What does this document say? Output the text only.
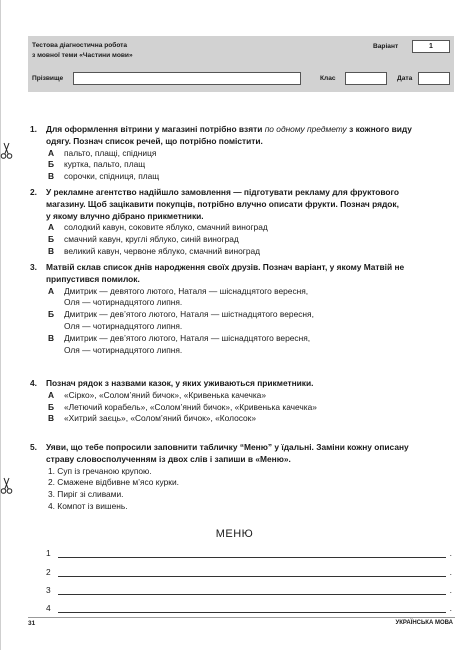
Тестова діагностична робота
з мовної теми «Частини мови»
Варіант	1
Прізвище	Клас	Дата
1. Для оформлення вітрини у магазині потрібно взяти по одному предмету з кожного виду
одягу. Познач список речей, що потрібно помістити.
А пальто, плащі, спідниця
Б куртка, пальто, плащ
В сорочки, спідниця, плащ
2. У рекламне агентство надійшло замовлення — підготувати рекламу для фруктового
магазину. Щоб зацікавити покупців, потрібно влучно описати фрукти. Познач рядок,
у якому влучно дібрано прикметники.
А солодкий кавун, соковите яблуко, смачний виноград
Б смачний кавун, круглі яблуко, синій виноград
В великий кавун, червоне яблуко, смачний виноград
3. Матвій склав список днів народження своїх друзів. Познач варіант, у якому Матвій не
припустився помилок.
А Дмитрик — девятого лютого, Наталя — шіснадцятого вересня,
Оля — чотирнадцятого липня.
Б Дмитрик — дев’ятого лютого, Наталя — шістнадцятого вересня,
Оля — чотирнадцятого липня.
В Дмитрик — дев’ятого лютого, Наталя — шіснадцятого вересня,
Оля — чотирнадцятого липня.
4. Познач рядок з назвами казок, у яких уживаються прикметники.
А «Сірко», «Солом’яний бичок», «Кривенька качечка»
Б «Летючий корабель», «Солом’яний бичок», «Кривенька качечка»
В «Хитрий заєць», «Солом’яний бичок», «Колосок»
5. Уяви, що тебе попросили заповнити табличку “Меню” у їдальні. Заміни кожну описану
страву словосполученням із двох слів і запиши в «Меню».
1. Суп із гречаною крупою.
2. Смажене відбивне м’ясо курки.
3. Пиріг зі сливами.
4. Компот із вишень.
МЕНЮ
1	.
2	.
3	.
4	.
31	УКРАЇНСЬКА МОВА
